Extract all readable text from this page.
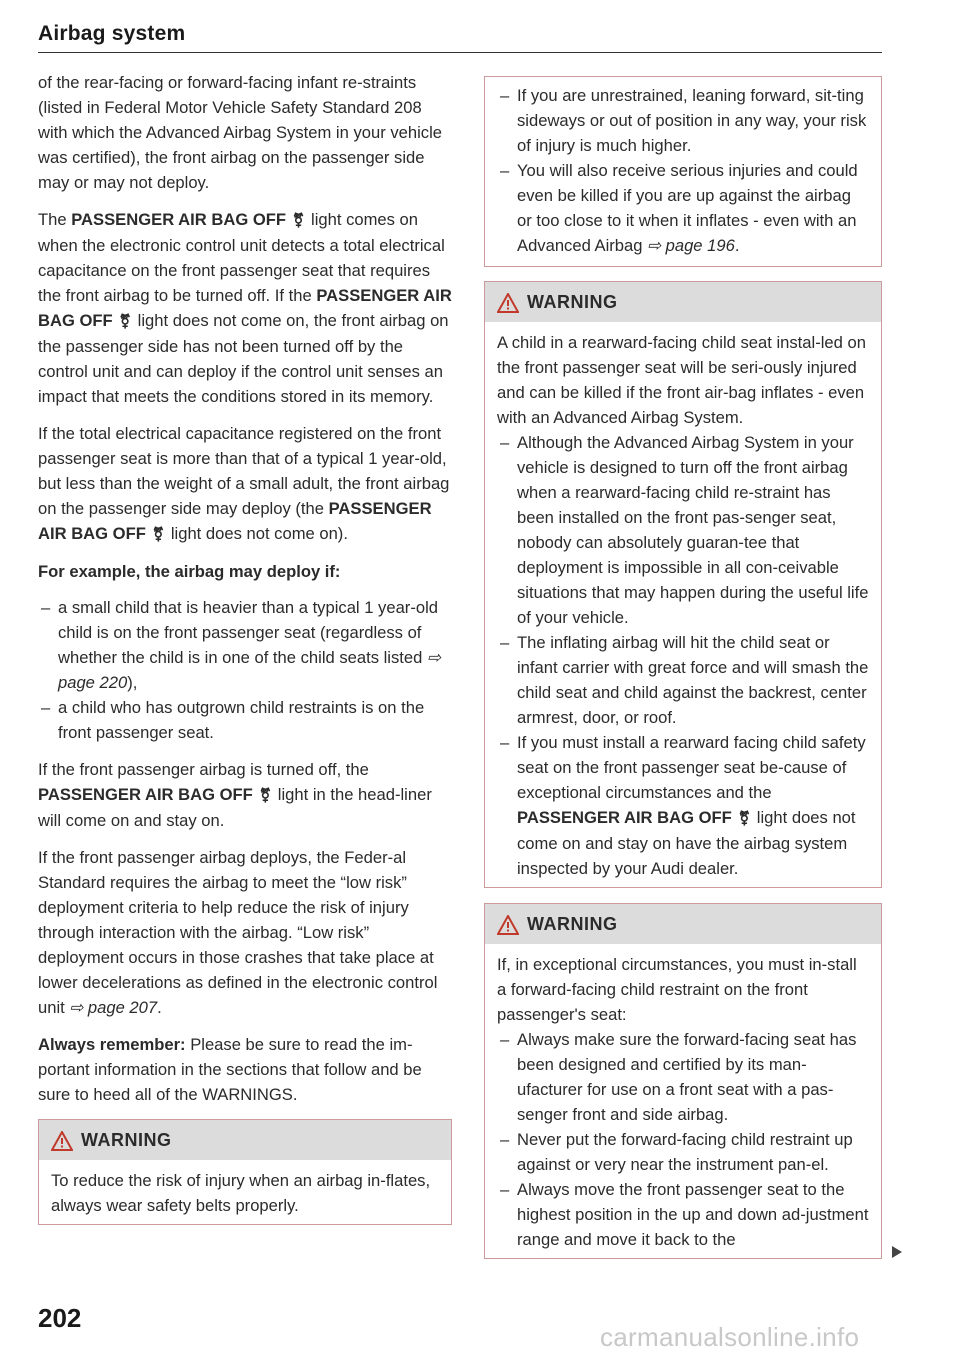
Airbag system

of the rear-facing or forward-facing infant re-straints (listed in Federal Motor Vehicle Safety Standard 208 with which the Advanced Airbag System in your vehicle was certified), the front airbag on the passenger side may or may not deploy.

The PASSENGER AIR BAG OFF ⚧ light comes on when the electronic control unit detects a total electrical capacitance on the front passenger seat that requires the front airbag to be turned off. If the PASSENGER AIR BAG OFF ⚧ light does not come on, the front airbag on the passenger side has not been turned off by the control unit and can deploy if the control unit senses an impact that meets the conditions stored in its memory.

If the total electrical capacitance registered on the front passenger seat is more than that of a typical 1 year-old, but less than the weight of a small adult, the front airbag on the passenger side may deploy (the PASSENGER AIR BAG OFF ⚧ light does not come on).

For example, the airbag may deploy if:

– a small child that is heavier than a typical 1 year-old child is on the front passenger seat (regardless of whether the child is in one of the child seats listed ⇨ page 220),
– a child who has outgrown child restraints is on the front passenger seat.

If the front passenger airbag is turned off, the PASSENGER AIR BAG OFF ⚧ light in the head-liner will come on and stay on.

If the front passenger airbag deploys, the Feder-al Standard requires the airbag to meet the “low risk” deployment criteria to help reduce the risk of injury through interaction with the airbag. “Low risk” deployment occurs in those crashes that take place at lower decelerations as defined in the electronic control unit ⇨ page 207.

Always remember: Please be sure to read the im-portant information in the sections that follow and be sure to heed all of the WARNINGS.

WARNING

To reduce the risk of injury when an airbag in-flates, always wear safety belts properly.

– If you are unrestrained, leaning forward, sit-ting sideways or out of position in any way, your risk of injury is much higher.
– You will also receive serious injuries and could even be killed if you are up against the airbag or too close to it when it inflates - even with an Advanced Airbag ⇨ page 196.
WARNING

A child in a rearward-facing child seat instal-led on the front passenger seat will be seri-ously injured and can be killed if the front air-bag inflates - even with an Advanced Airbag System.

– Although the Advanced Airbag System in your vehicle is designed to turn off the front airbag when a rearward-facing child re-straint has been installed on the front pas-senger seat, nobody can absolutely guaran-tee that deployment is impossible in all con-ceivable situations that may happen during the useful life of your vehicle.
– The inflating airbag will hit the child seat or infant carrier with great force and will smash the child seat and child against the backrest, center armrest, door, or roof.
– If you must install a rearward facing child safety seat on the front passenger seat be-cause of exceptional circumstances and the PASSENGER AIR BAG OFF ⚧ light does not come on and stay on have the airbag system inspected by your Audi dealer.
WARNING

If, in exceptional circumstances, you must in-stall a forward-facing child restraint on the front passenger's seat:

– Always make sure the forward-facing seat has been designed and certified by its man-ufacturer for use on a front seat with a pas-senger front and side airbag.
– Never put the forward-facing child restraint up against or very near the instrument pan-el.
– Always move the front passenger seat to the highest position in the up and down ad-justment range and move it back to the
202
carmanualsonline.info
